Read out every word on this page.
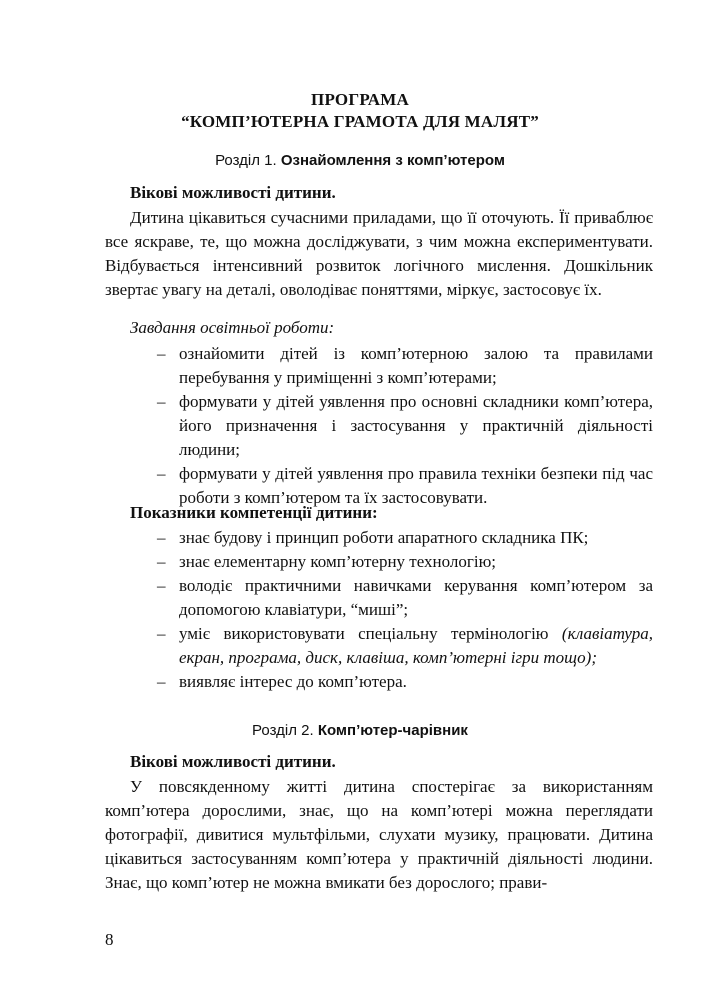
ПРОГРАМА
“КОМП’ЮТЕРНА ГРАМОТА ДЛЯ МАЛЯТ”
Розділ 1. Ознайомлення з комп’ютером
Вікові можливості дитини.

Дитина цікавиться сучасними приладами, що її оточують. Її приваблює все яскраве, те, що можна досліджувати, з чим можна експериментувати. Відбувається інтенсивний розвиток логічного мислення. Дошкільник звертає увагу на деталі, оволодіває поняттями, міркує, застосовує їх.

Завдання освітньої роботи:
– ознайомити дітей із комп’ютерною залою та правилами перебування у приміщенні з комп’ютерами;
– формувати у дітей уявлення про основні складники комп’ютера, його призначення і застосування у практичній діяльності людини;
– формувати у дітей уявлення про правила техніки безпеки під час роботи з комп’ютером та їх застосовувати.
Показники компетенції дитини:
– знає будову і принцип роботи апаратного складника ПК;
– знає елементарну комп’ютерну технологію;
– володіє практичними навичками керування комп’ютером за допомогою клавіатури, “миші”;
– уміє використовувати спеціальну термінологію (клавіатура, екран, програма, диск, клавіша, комп’ютерні ігри тощо);
– виявляє інтерес до комп’ютера.
Розділ 2. Комп’ютер-чарівник
Вікові можливості дитини.

У повсякденному житті дитина спостерігає за використанням комп’ютера дорослими, знає, що на комп’ютері можна переглядати фотографії, дивитися мультфільми, слухати музику, працювати. Дитина цікавиться застосуванням комп’ютера у практичній діяльності людини. Знає, що комп’ютер не можна вмикати без дорослого; прави-

8
